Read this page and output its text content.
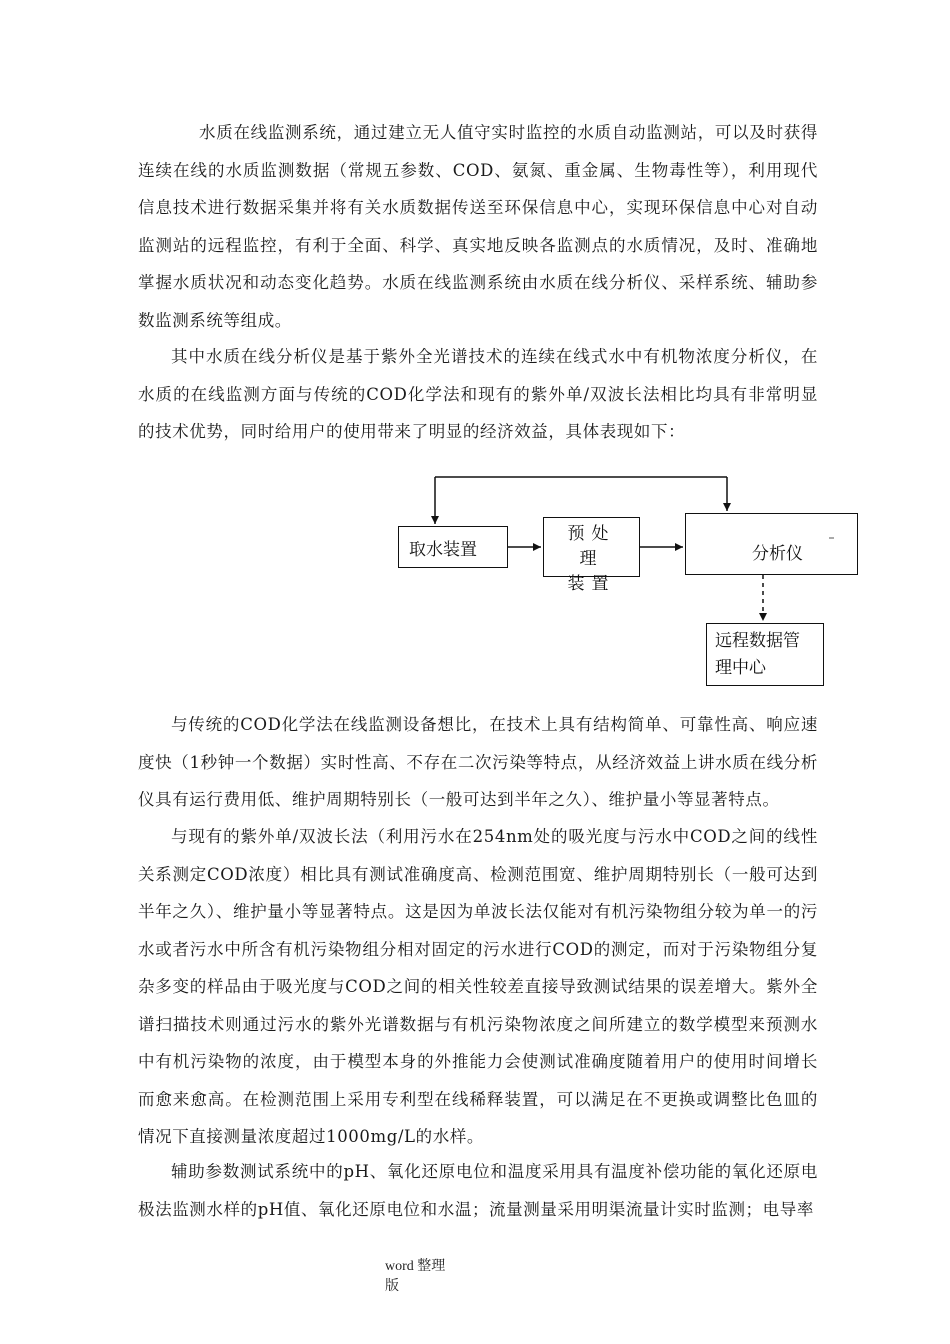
水质在线监测系统，通过建立无人值守实时监控的水质自动监测站，可以及时获得连续在线的水质监测数据（常规五参数、COD、氨氮、重金属、生物毒性等），利用现代信息技术进行数据采集并将有关水质数据传送至环保信息中心，实现环保信息中心对自动监测站的远程监控，有利于全面、科学、真实地反映各监测点的水质情况，及时、准确地掌握水质状况和动态变化趋势。水质在线监测系统由水质在线分析仪、采样系统、辅助参数监测系统等组成。

其中水质在线分析仪是基于紫外全光谱技术的连续在线式水中有机物浓度分析仪，在水质的在线监测方面与传统的COD化学法和现有的紫外单/双波长法相比均具有非常明显的技术优势，同时给用户的使用带来了明显的经济效益，具体表现如下：

取水装置
预处理
装置
分析仪
远程数据管
理中心

与传统的COD化学法在线监测设备想比，在技术上具有结构简单、可靠性高、响应速度快（1秒钟一个数据）实时性高、不存在二次污染等特点，从经济效益上讲水质在线分析仪具有运行费用低、维护周期特别长（一般可达到半年之久）、维护量小等显著特点。

与现有的紫外单/双波长法（利用污水在254nm处的吸光度与污水中COD之间的线性关系测定COD浓度）相比具有测试准确度高、检测范围宽、维护周期特别长（一般可达到半年之久）、维护量小等显著特点。这是因为单波长法仅能对有机污染物组分较为单一的污水或者污水中所含有机污染物组分相对固定的污水进行COD的测定，而对于污染物组分复杂多变的样品由于吸光度与COD之间的相关性较差直接导致测试结果的误差增大。紫外全谱扫描技术则通过污水的紫外光谱数据与有机污染物浓度之间所建立的数学模型来预测水中有机污染物的浓度，由于模型本身的外推能力会使测试准确度随着用户的使用时间增长而愈来愈高。在检测范围上采用专利型在线稀释装置，可以满足在不更换或调整比色皿的情况下直接测量浓度超过1000mg/L的水样。

辅助参数测试系统中的pH、氧化还原电位和温度采用具有温度补偿功能的氧化还原电极法监测水样的pH值、氧化还原电位和水温；流量测量采用明渠流量计实时监测；电导率

word 整理
版
